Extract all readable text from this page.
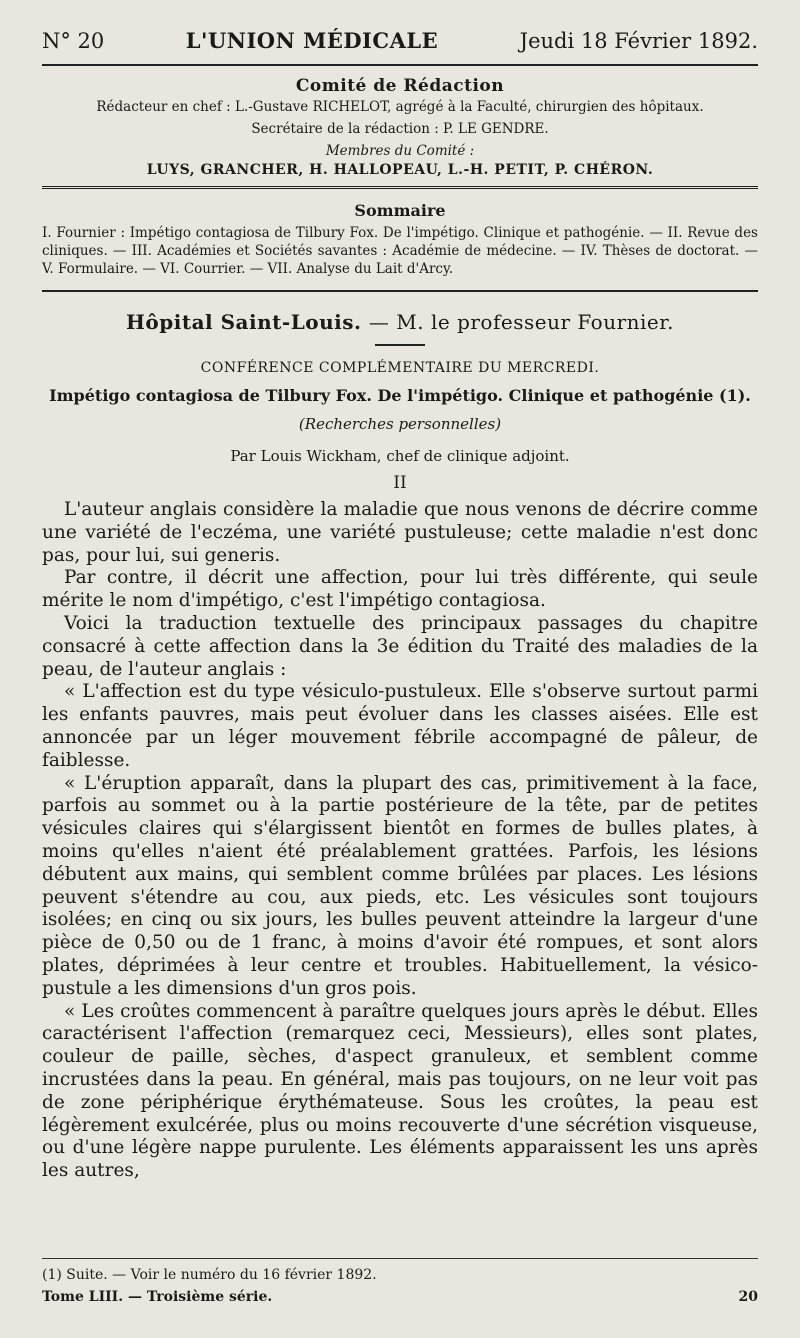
N° 20	L'UNION MÉDICALE	Jeudi 18 Février 1892.
Comité de Rédaction
Rédacteur en chef : L.-Gustave RICHELOT, agrégé à la Faculté, chirurgien des hôpitaux.
Secrétaire de la rédaction : P. LE GENDRE.
Membres du Comité :
LUYS, GRANCHER, H. HALLOPEAU, L.-H. PETIT, P. CHÉRON.
Sommaire
I. Fournier : Impétigo contagiosa de Tilbury Fox. De l'impétigo. Clinique et pathogénie. — II. Revue des cliniques. — III. Académies et Sociétés savantes : Académie de médecine. — IV. Thèses de doctorat. — V. Formulaire. — VI. Courrier. — VII. Analyse du Lait d'Arcy.
Hôpital Saint-Louis. — M. le professeur Fournier.
CONFÉRENCE COMPLÉMENTAIRE DU MERCREDI.
Impétigo contagiosa de Tilbury Fox. De l'impétigo. Clinique et pathogénie (1).
(Recherches personnelles)
Par Louis Wickham, chef de clinique adjoint.
II

L'auteur anglais considère la maladie que nous venons de décrire comme une variété de l'eczéma, une variété pustuleuse; cette maladie n'est donc pas, pour lui, sui generis.

Par contre, il décrit une affection, pour lui très différente, qui seule mérite le nom d'impétigo, c'est l'impétigo contagiosa.

Voici la traduction textuelle des principaux passages du chapitre consacré à cette affection dans la 3e édition du Traité des maladies de la peau, de l'auteur anglais :

« L'affection est du type vésiculo-pustuleux. Elle s'observe surtout parmi les enfants pauvres, mais peut évoluer dans les classes aisées. Elle est annoncée par un léger mouvement fébrile accompagné de pâleur, de faiblesse.

« L'éruption apparaît, dans la plupart des cas, primitivement à la face, parfois au sommet ou à la partie postérieure de la tête, par de petites vésicules claires qui s'élargissent bientôt en formes de bulles plates, à moins qu'elles n'aient été préalablement grattées. Parfois, les lésions débutent aux mains, qui semblent comme brûlées par places. Les lésions peuvent s'étendre au cou, aux pieds, etc. Les vésicules sont toujours isolées; en cinq ou six jours, les bulles peuvent atteindre la largeur d'une pièce de 0,50 ou de 1 franc, à moins d'avoir été rompues, et sont alors plates, déprimées à leur centre et troubles. Habituellement, la vésico-pustule a les dimensions d'un gros pois.

« Les croûtes commencent à paraître quelques jours après le début. Elles caractérisent l'affection (remarquez ceci, Messieurs), elles sont plates, couleur de paille, sèches, d'aspect granuleux, et semblent comme incrustées dans la peau. En général, mais pas toujours, on ne leur voit pas de zone périphérique érythémateuse. Sous les croûtes, la peau est légèrement exulcérée, plus ou moins recouverte d'une sécrétion visqueuse, ou d'une légère nappe purulente. Les éléments apparaissent les uns après les autres,

(1) Suite. — Voir le numéro du 16 février 1892.
Tome LIII. — Troisième série.	20
